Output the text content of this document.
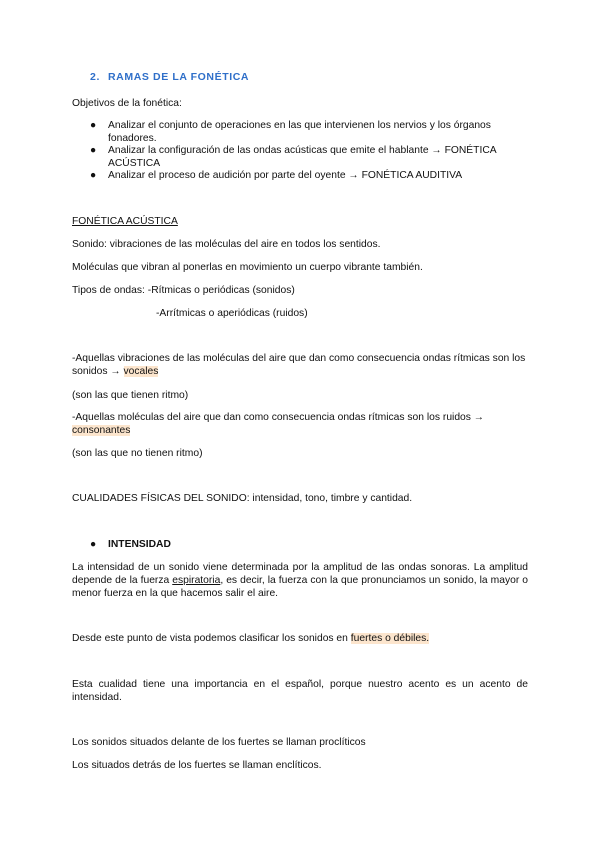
2. RAMAS DE LA FONÉTICA

Objetivos de la fonética:

● Analizar el conjunto de operaciones en las que intervienen los nervios y los órganos fonadores.
● Analizar la configuración de las ondas acústicas que emite el hablante → FONÉTICA ACÚSTICA
● Analizar el proceso de audición por parte del oyente → FONÉTICA AUDITIVA

FONÉTICA ACÚSTICA

Sonido: vibraciones de las moléculas del aire en todos los sentidos.

Moléculas que vibran al ponerlas en movimiento un cuerpo vibrante también.

Tipos de ondas: -Rítmicas o periódicas (sonidos)

-Arrítmicas o aperiódicas (ruidos)

-Aquellas vibraciones de las moléculas del aire que dan como consecuencia ondas rítmicas son los sonidos → vocales

(son las que tienen ritmo)

-Aquellas moléculas del aire que dan como consecuencia ondas rítmicas son los ruidos → consonantes

(son las que no tienen ritmo)

CUALIDADES FÍSICAS DEL SONIDO: intensidad, tono, timbre y cantidad.

● INTENSIDAD

La intensidad de un sonido viene determinada por la amplitud de las ondas sonoras. La amplitud depende de la fuerza espiratoria, es decir, la fuerza con la que pronunciamos un sonido, la mayor o menor fuerza en la que hacemos salir el aire.

Desde este punto de vista podemos clasificar los sonidos en fuertes o débiles.

Esta cualidad tiene una importancia en el español, porque nuestro acento es un acento de intensidad.

Los sonidos situados delante de los fuertes se llaman proclíticos

Los situados detrás de los fuertes se llaman enclíticos.
